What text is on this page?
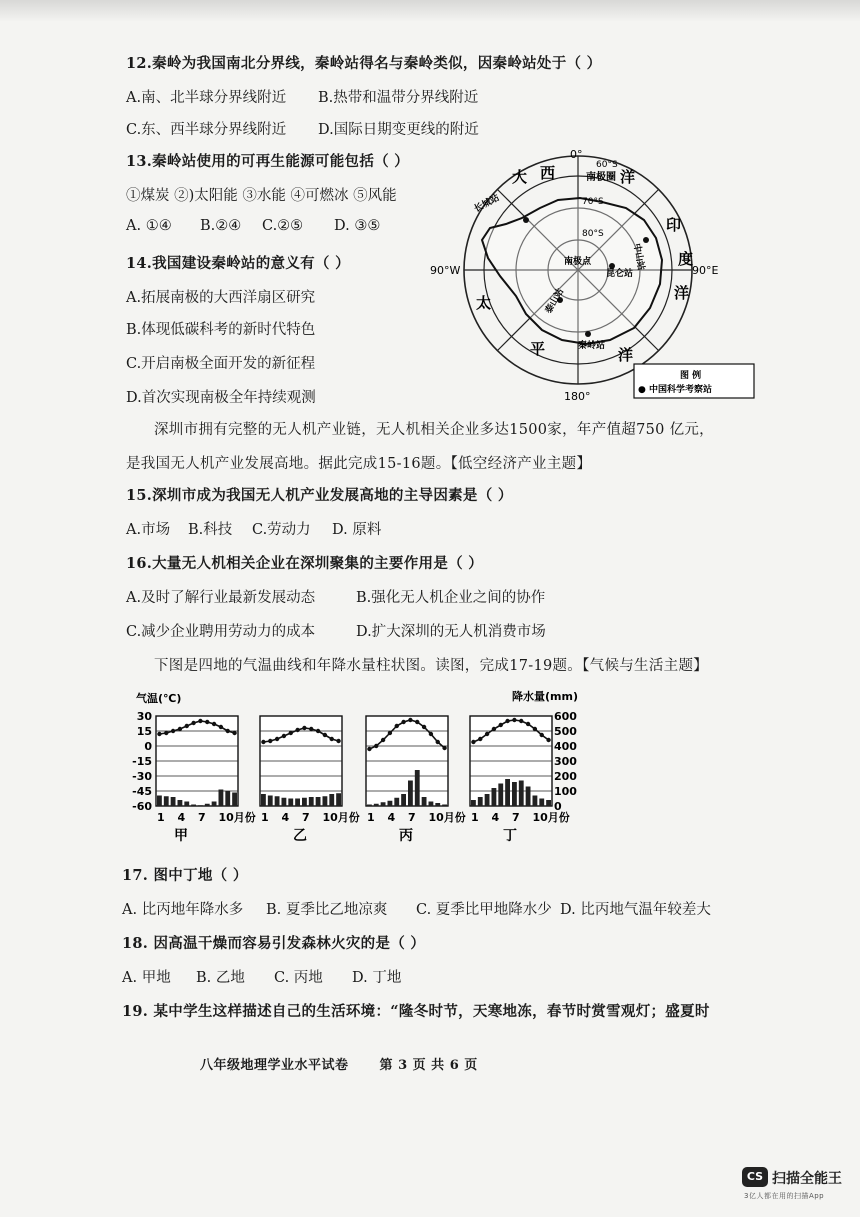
12.秦岭为我国南北分界线，秦岭站得名与秦岭类似，因秦岭站处于（ ）
A.南、北半球分界线附近 B.热带和温带分界线附近
C.东、西半球分界线附近 D.国际日期变更线的附近
13.秦岭站使用的可再生能源可能包括（ ）
①煤炭 ②)太阳能 ③水能 ④可燃冰 ⑤风能
A. ①④ B.②④ C.②⑤ D. ③⑤
14.我国建设秦岭站的意义有（ ）
A.拓展南极的大西洋扇区研究
B.体现低碳科考的新时代特色
C.开启南极全面开发的新征程
D.首次实现南极全年持续观测
0°
90°W	90°E
180°
60°S
70°S
80°S
南极圈
南极点
大 西	洋
印
度
洋
太
平	洋
长城站
中山站
昆仑站
泰山站
秦岭站
图 例
● 中国科学考察站
深圳市拥有完整的无人机产业链，无人机相关企业多达1500家，年产值超750 亿元，
是我国无人机产业发展高地。据此完成15-16题。【低空经济产业主题】
15.深圳市成为我国无人机产业发展高地的主导因素是（ ）
A.市场 B.科技 C.劳动力 D. 原料
16.大量无人机相关企业在深圳聚集的主要作用是（ ）
A.及时了解行业最新发展动态	B.强化无人机企业之间的协作
C.减少企业聘用劳动力的成本	D.扩大深圳的无人机消费市场
下图是四地的气温曲线和年降水量柱状图。读图，完成17-19题。【气候与生活主题】
气温(℃)	降水量(mm)
30
15
0
-15
-30
-45
-60
600
500
400
300
200
100
0
1 4 7 10月份
甲
1 4 7 10月份
乙
1 4 7 10月份
丙
1 4 7 10月份
丁
17. 图中丁地（ ）
A. 比丙地年降水多 B. 夏季比乙地凉爽 C. 夏季比甲地降水少 D. 比丙地气温年较差大
18. 因高温干燥而容易引发森林火灾的是（ ）
A. 甲地 B. 乙地 C. 丙地 D. 丁地
19. 某中学生这样描述自己的生活环境：“隆冬时节，天寒地冻，春节时赏雪观灯；盛夏时
八年级地理学业水平试卷 第 3 页 共 6 页
CS 扫描全能王
3亿人都在用的扫描App
